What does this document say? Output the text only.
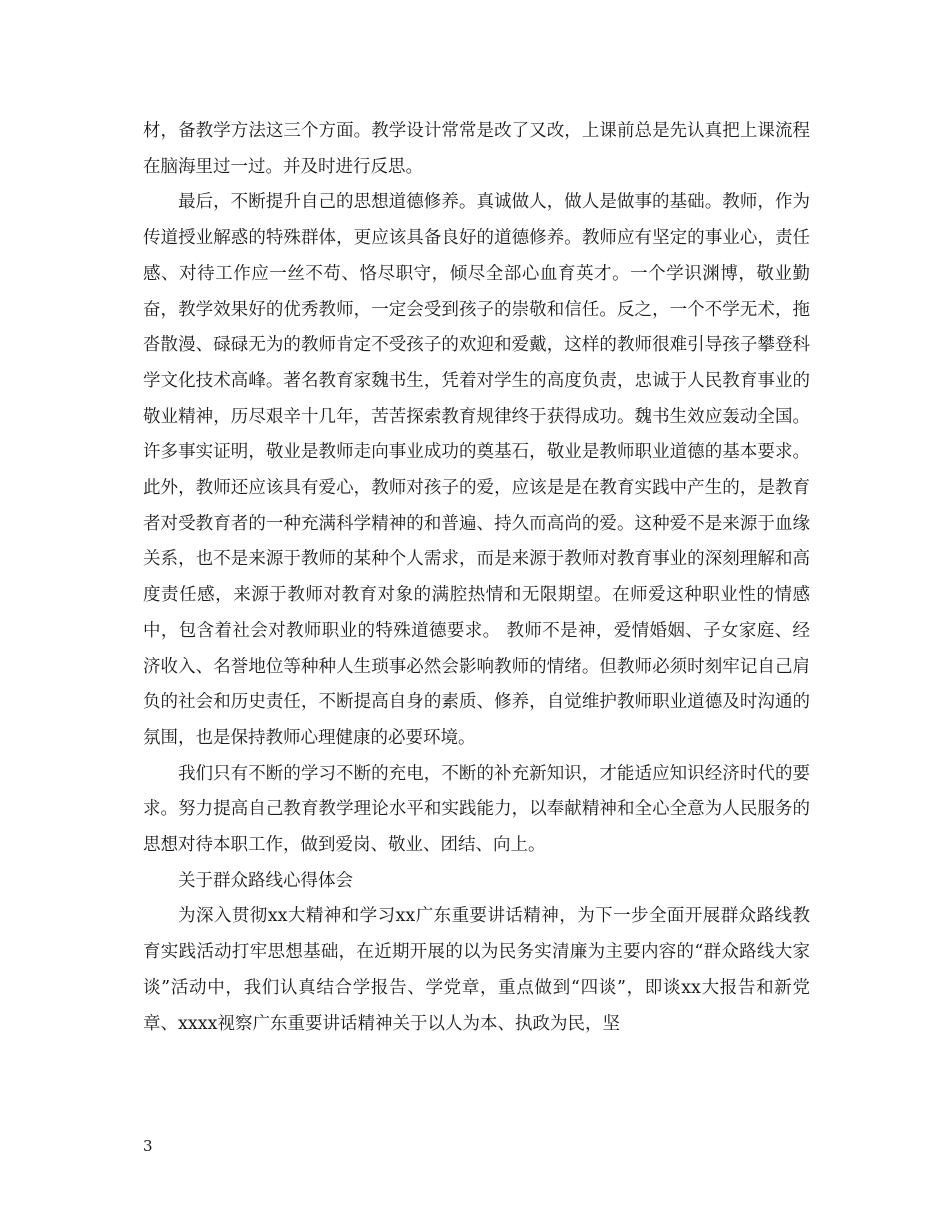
材，备教学方法这三个方面。教学设计常常是改了又改，上课前总是先认真把上课流程在脑海里过一过。并及时进行反思。

最后，不断提升自己的思想道德修养。真诚做人，做人是做事的基础。教师，作为传道授业解惑的特殊群体，更应该具备良好的道德修养。教师应有坚定的事业心，责任感、对待工作应一丝不苟、恪尽职守，倾尽全部心血育英才。一个学识渊博，敬业勤奋，教学效果好的优秀教师，一定会受到孩子的崇敬和信任。反之，一个不学无术，拖沓散漫、碌碌无为的教师肯定不受孩子的欢迎和爱戴，这样的教师很难引导孩子攀登科学文化技术高峰。著名教育家魏书生，凭着对学生的高度负责，忠诚于人民教育事业的敬业精神，历尽艰辛十几年，苦苦探索教育规律终于获得成功。魏书生效应轰动全国。许多事实证明，敬业是教师走向事业成功的奠基石，敬业是教师职业道德的基本要求。此外，教师还应该具有爱心，教师对孩子的爱，应该是是在教育实践中产生的，是教育者对受教育者的一种充满科学精神的和普遍、持久而高尚的爱。这种爱不是来源于血缘关系，也不是来源于教师的某种个人需求，而是来源于教师对教育事业的深刻理解和高度责任感，来源于教师对教育对象的满腔热情和无限期望。在师爱这种职业性的情感中，包含着社会对教师职业的特殊道德要求。 教师不是神，爱情婚姻、子女家庭、经济收入、名誉地位等种种人生琐事必然会影响教师的情绪。但教师必须时刻牢记自己肩负的社会和历史责任，不断提高自身的素质、修养，自觉维护教师职业道德及时沟通的氛围，也是保持教师心理健康的必要环境。

我们只有不断的学习不断的充电，不断的补充新知识，才能适应知识经济时代的要求。努力提高自己教育教学理论水平和实践能力，以奉献精神和全心全意为人民服务的思想对待本职工作，做到爱岗、敬业、团结、向上。

关于群众路线心得体会

为深入贯彻xx大精神和学习xx广东重要讲话精神，为下一步全面开展群众路线教育实践活动打牢思想基础，在近期开展的以为民务实清廉为主要内容的“群众路线大家谈”活动中，我们认真结合学报告、学党章，重点做到“四谈”，即谈xx大报告和新党章、xxxx视察广东重要讲话精神关于以人为本、执政为民，坚

3
